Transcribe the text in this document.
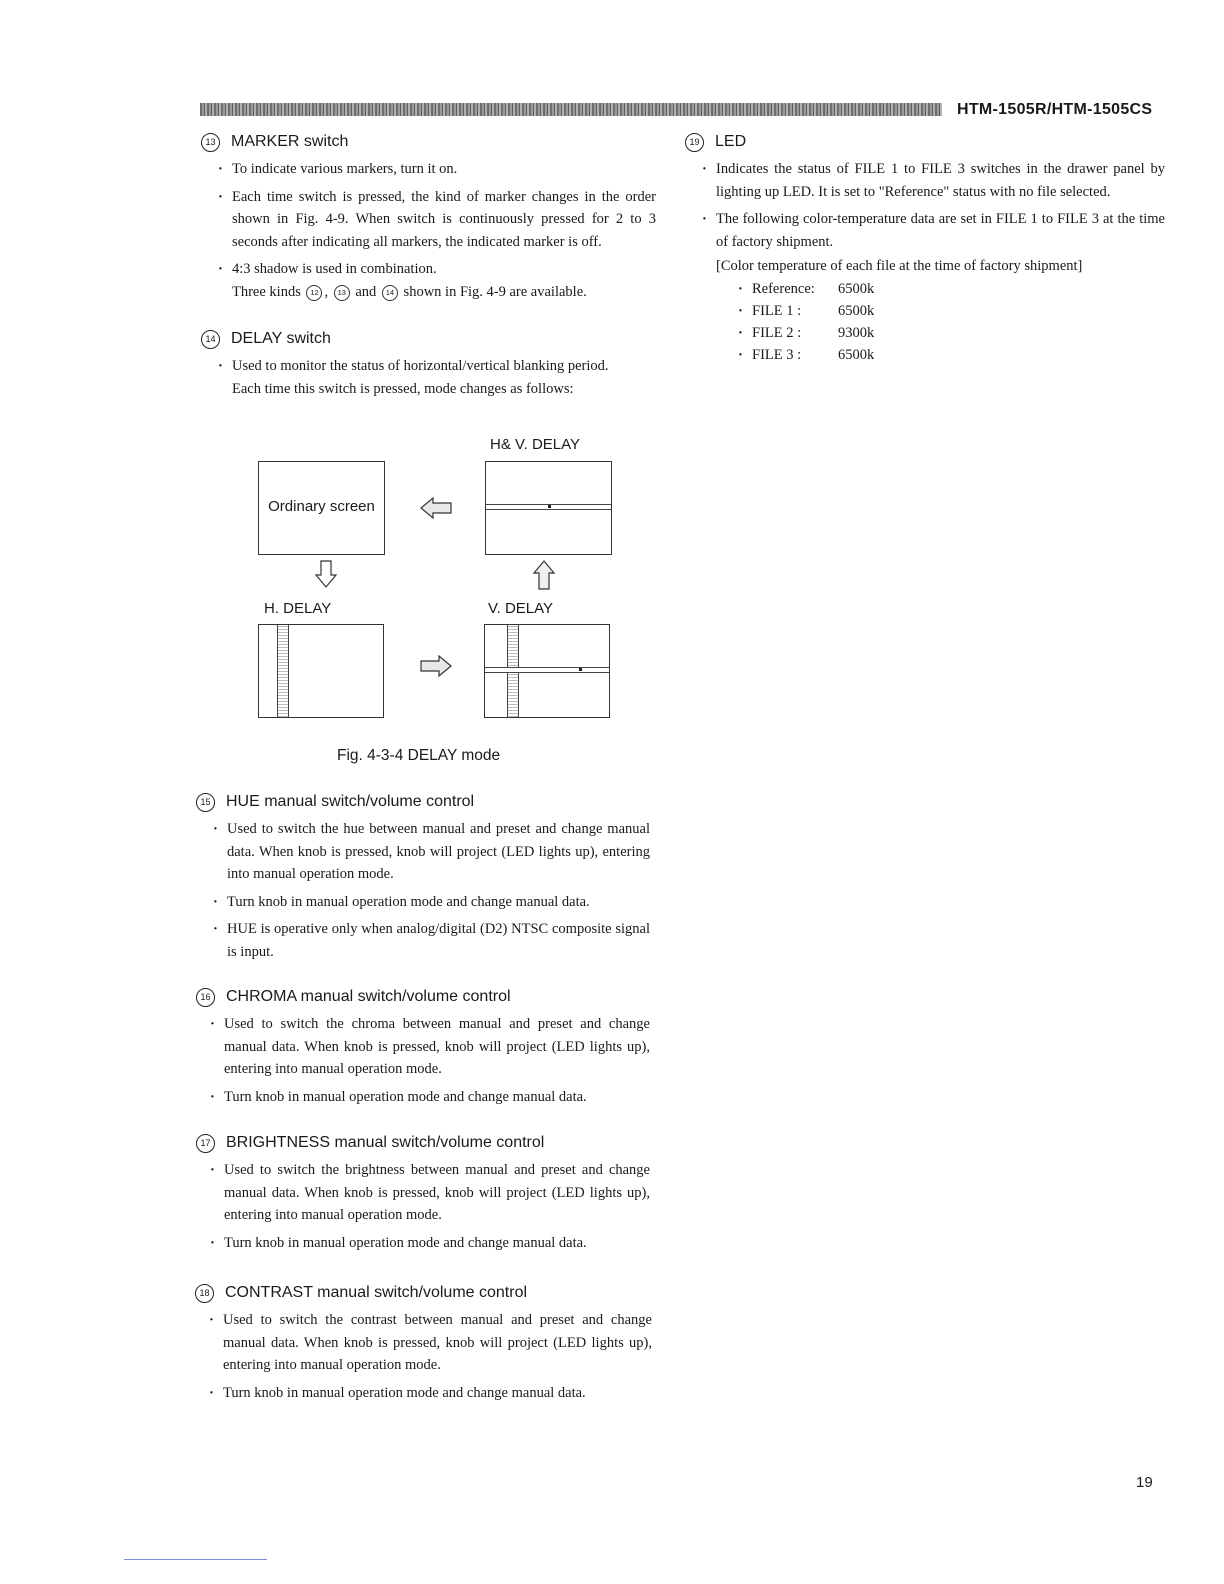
HTM-1505R/HTM-1505CS
13 MARKER switch
· To indicate various markers, turn it on.
· Each time switch is pressed, the kind of marker changes in the order shown in Fig. 4-9. When switch is continuously pressed for 2 to 3 seconds after indicating all markers, the indicated marker is off.
· 4:3 shadow is used in combination.
Three kinds 12 , 13 and 14 shown in Fig. 4-9 are available.
14 DELAY switch
· Used to monitor the status of horizontal/vertical blanking period.
Each time this switch is pressed, mode changes as follows:
H& V. DELAY
Ordinary screen
H. DELAY	V. DELAY
Fig. 4-3-4 DELAY mode
15 HUE manual switch/volume control
· Used to switch the hue between manual and preset and change manual data. When knob is pressed, knob will project (LED lights up), entering into manual operation mode.
· Turn knob in manual operation mode and change manual data.
· HUE is operative only when analog/digital (D2) NTSC composite signal is input.
16 CHROMA manual switch/volume control
· Used to switch the chroma between manual and preset and change manual data. When knob is pressed, knob will project (LED lights up), entering into manual operation mode.
· Turn knob in manual operation mode and change manual data.
17 BRIGHTNESS manual switch/volume control
· Used to switch the brightness between manual and preset and change manual data. When knob is pressed, knob will project (LED lights up), entering into manual operation mode.
· Turn knob in manual operation mode and change manual data.
18 CONTRAST manual switch/volume control
· Used to switch the contrast between manual and preset and change manual data. When knob is pressed, knob will project (LED lights up), entering into manual operation mode.
· Turn knob in manual operation mode and change manual data.
19 LED
· Indicates the status of FILE 1 to FILE 3 switches in the drawer panel by lighting up LED. It is set to "Reference" status with no file selected.
· The following color-temperature data are set in FILE 1 to FILE 3 at the time of factory shipment.
[Color temperature of each file at the time of factory shipment]
·	Reference:	6500k
·	FILE 1 :	6500k
·	FILE 2 :	9300k
·	FILE 3 :	6500k
19
